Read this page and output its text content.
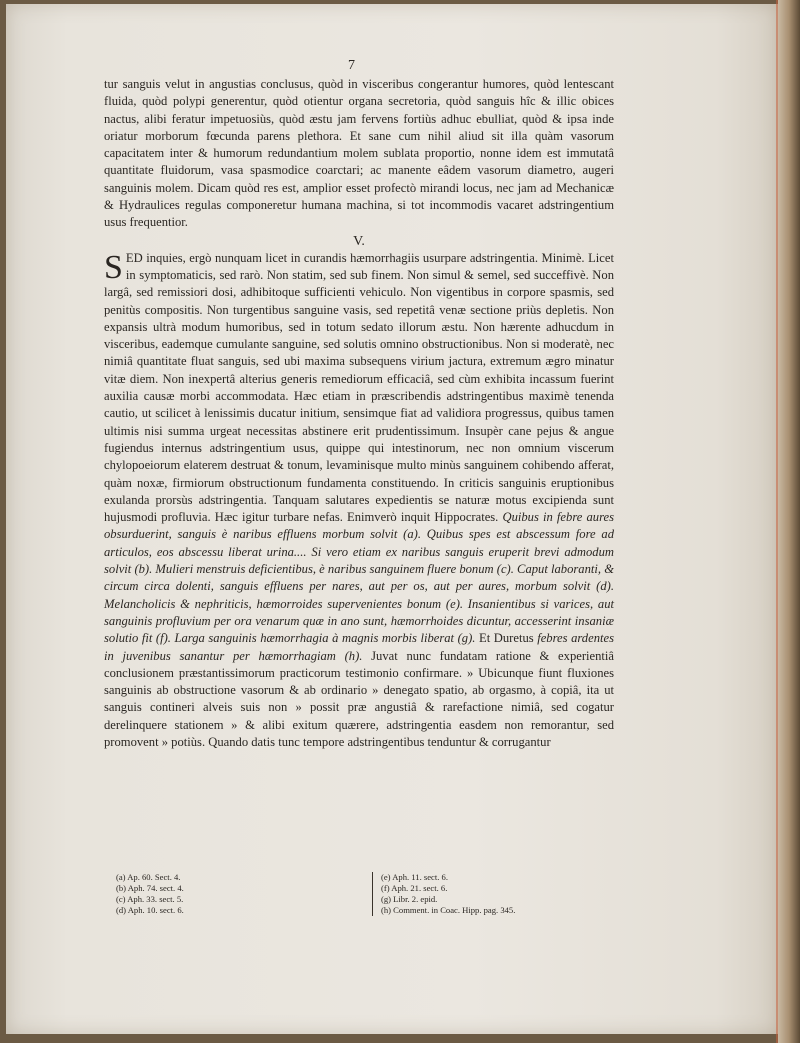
7

tur sanguis velut in angustias conclusus, quòd in visceribus congerantur humores, quòd lentescant fluida, quòd polypi generentur, quòd otientur organa secretoria, quòd sanguis hîc & illic obices nactus, alibi feratur impetuosiùs, quòd æstu jam fervens fortiùs adhuc ebulliat, quòd & ipsa inde oriatur morborum fœcunda parens plethora. Et sane cum nihil aliud sit illa quàm vasorum capacitatem inter & humorum redundantium molem sublata proportio, nonne idem est immutatâ quantitate fluidorum, vasa spasmodice coarctari; ac manente eâdem vasorum diametro, augeri sanguinis molem. Dicam quòd res est, amplior esset profectò mirandi locus, nec jam ad Mechanicæ & Hydraulices regulas componeretur humana machina, si tot incommodis vacaret adstringentium usus frequentior.

V.

SED inquies, ergò nunquam licet in curandis hæmorrhagiis usurpare adstringentia. Minimè. Licet in symptomaticis, sed rarò. Non statim, sed sub finem. Non simul & semel, sed succeffivè. Non largâ, sed remissiori dosi, adhibitoque sufficienti vehiculo. Non vigentibus in corpore spasmis, sed penitùs compositis. Non turgentibus sanguine vasis, sed repetitâ venæ sectione priùs depletis. Non expansis ultrà modum humoribus, sed in totum sedato illorum æstu. Non hærente adhucdum in visceribus, eademque cumulante sanguine, sed solutis omnino obstructionibus. Non si moderatè, nec nimiâ quantitate fluat sanguis, sed ubi maxima subsequens virium jactura, extremum ægro minatur vitæ diem. Non inexpertâ alterius generis remediorum efficaciâ, sed cùm exhibita incassum fuerint auxilia causæ morbi accommodata. Hæc etiam in præscribendis adstringentibus maximè tenenda cautio, ut scilicet à lenissimis ducatur initium, sensimque fiat ad validiora progressus, quibus tamen ultimis nisi summa urgeat necessitas abstinere erit prudentissimum. Insupèr cane pejus & angue fugiendus internus adstringentium usus, quippe qui intestinorum, nec non omnium viscerum chylopoeiorum elaterem destruat & tonum, levaminisque multo minùs sanguinem cohibendo afferat, quàm noxæ, firmiorum obstructionum fundamenta constituendo. In criticis sanguinis eruptionibus exulanda prorsùs adstringentia. Tanquam salutares expedientis se naturæ motus excipienda sunt hujusmodi profluvia. Hæc igitur turbare nefas. Enimverò inquit Hippocrates. Quibus in febre aures obsurduerint, sanguis è naribus effluens morbum solvit (a). Quibus spes est abscessum fore ad articulos, eos abscessu liberat urina.... Si vero etiam ex naribus sanguis eruperit brevi admodum solvit (b). Mulieri menstruis deficientibus, è naribus sanguinem fluere bonum (c). Caput laboranti, & circum circa dolenti, sanguis effluens per nares, aut per os, aut per aures, morbum solvit (d). Melancholicis & nephriticis, hæmorroides supervenientes bonum (e). Insanientibus si varices, aut sanguinis profluvium per ora venarum quæ in ano sunt, hæmorrhoides dicuntur, accesserint insaniæ solutio fit (f). Larga sanguinis hæmorrhagia à magnis morbis liberat (g). Et Duretus febres ardentes in juvenibus sanantur per hæmorrhagiam (h). Juvat nunc fundatam ratione & experientiâ conclusionem præstantissimorum practicorum testimonio confirmare. » Ubicunque fiunt fluxiones sanguinis ab obstructione vasorum & ab ordinario » denegato spatio, ab orgasmo, à copiâ, ita ut sanguis contineri alveis suis non » possit præ angustiâ & rarefactione nimiâ, sed cogatur derelinquere stationem » & alibi exitum quærere, adstringentia easdem non remorantur, sed promovent » potiùs. Quando datis tunc tempore adstringentibus tenduntur & corrugantur

(a) Ap. 60. Sect. 4.
(b) Aph. 74. sect. 4.
(c) Aph. 33. sect. 5.
(d) Aph. 10. sect. 6.
(e) Aph. 11. sect. 6.
(f) Aph. 21. sect. 6.
(g) Libr. 2. epid.
(h) Comment. in Coac. Hipp. pag. 345.
